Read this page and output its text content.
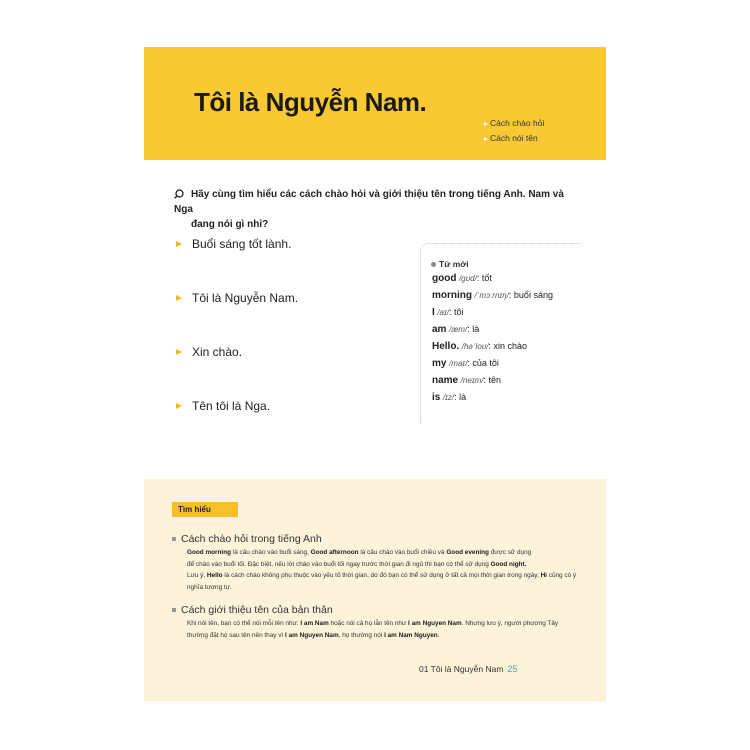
Tôi là Nguyễn Nam.
Cách chào hỏi
Cách nói tên
Hãy cùng tìm hiểu các cách chào hỏi và giới thiệu tên trong tiếng Anh. Nam và Nga
đang nói gì nhỉ?
Buổi sáng tốt lành.
Tôi là Nguyễn Nam.
Xin chào.
Tên tôi là Nga.
Từ mới
good /gʊd/: tốt
morning /ˈmɔːrnɪŋ/: buổi sáng
I /aɪ/: tôi
am /æm/: là
Hello. /həˈloʊ/: xin chào
my /maɪ/: của tôi
name /neɪm/: tên
is /ɪz/: là
Tìm hiểu
Cách chào hỏi trong tiếng Anh
Good morning là câu chào vào buổi sáng, Good afternoon là câu chào vào buổi chiều và Good evening được sử dụng
để chào vào buổi tối. Đặc biệt, nếu lời chào vào buổi tối ngay trước thời gian đi ngủ thì bạn có thể sử dụng Good night.
Lưu ý, Hello là cách chào không phụ thuộc vào yếu tố thời gian, do đó bạn có thể sử dụng ở tất cả mọi thời gian trong ngày, Hi cũng có ý
nghĩa tương tự.
Cách giới thiệu tên của bản thân
Khi nói tên, bạn có thể nói mỗi tên như: I am Nam hoặc nói cả họ lẫn tên như I am Nguyen Nam. Nhưng lưu ý, người phương Tây
thường đặt họ sau tên nên thay vì I am Nguyen Nam, họ thường nói I am Nam Nguyen.
01 Tôi là Nguyễn Nam 25
